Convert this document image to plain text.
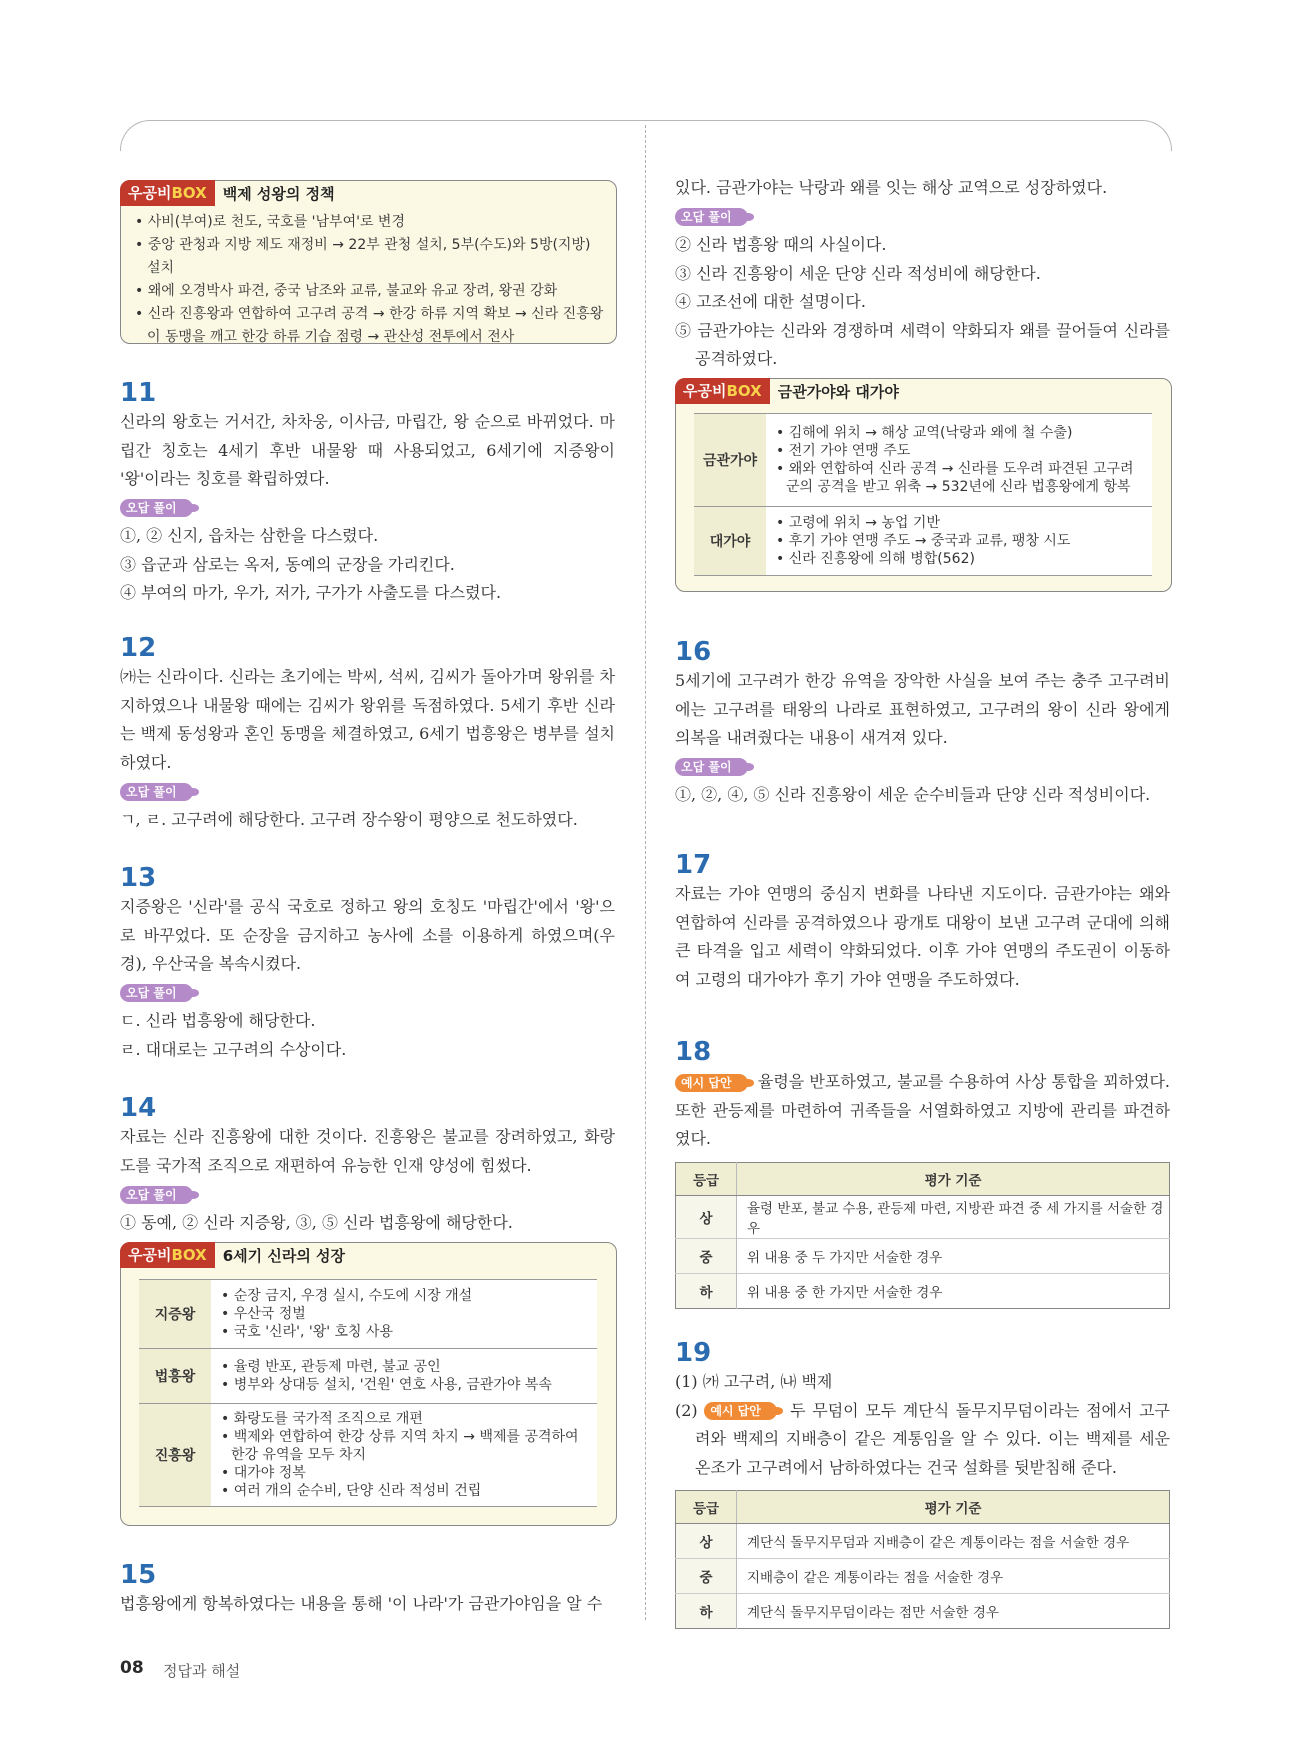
우공비BOX	백제 성왕의 정책
• 사비(부여)로 천도, 국호를 '남부여'로 변경
• 중앙 관청과 지방 제도 재정비 → 22부 관청 설치, 5부(수도)와 5방(지방) 설치
• 왜에 오경박사 파견, 중국 남조와 교류, 불교와 유교 장려, 왕권 강화
• 신라 진흥왕과 연합하여 고구려 공격 → 한강 하류 지역 확보 → 신라 진흥왕이 동맹을 깨고 한강 하류 기습 점령 → 관산성 전투에서 전사
11

신라의 왕호는 거서간, 차차웅, 이사금, 마립간, 왕 순으로 바뀌었다. 마립간 칭호는 4세기 후반 내물왕 때 사용되었고, 6세기에 지증왕이 '왕'이라는 칭호를 확립하였다.

오답 풀이

①, ② 신지, 읍차는 삼한을 다스렸다.

③ 읍군과 삼로는 옥저, 동예의 군장을 가리킨다.

④ 부여의 마가, 우가, 저가, 구가가 사출도를 다스렸다.

12

㈎는 신라이다. 신라는 초기에는 박씨, 석씨, 김씨가 돌아가며 왕위를 차지하였으나 내물왕 때에는 김씨가 왕위를 독점하였다. 5세기 후반 신라는 백제 동성왕과 혼인 동맹을 체결하였고, 6세기 법흥왕은 병부를 설치하였다.

오답 풀이

ㄱ, ㄹ. 고구려에 해당한다. 고구려 장수왕이 평양으로 천도하였다.

13

지증왕은 '신라'를 공식 국호로 정하고 왕의 호칭도 '마립간'에서 '왕'으로 바꾸었다. 또 순장을 금지하고 농사에 소를 이용하게 하였으며(우경), 우산국을 복속시켰다.

오답 풀이

ㄷ. 신라 법흥왕에 해당한다.

ㄹ. 대대로는 고구려의 수상이다.

14

자료는 신라 진흥왕에 대한 것이다. 진흥왕은 불교를 장려하였고, 화랑도를 국가적 조직으로 재편하여 유능한 인재 양성에 힘썼다.

오답 풀이

① 동예, ② 신라 지증왕, ③, ⑤ 신라 법흥왕에 해당한다.

우공비BOX	6세기 신라의 성장
지증왕	• 순장 금지, 우경 실시, 수도에 시장 개설
• 우산국 정벌
• 국호 '신라', '왕' 호칭 사용

법흥왕	• 율령 반포, 관등제 마련, 불교 공인
• 병부와 상대등 설치, '건원' 연호 사용, 금관가야 복속

진흥왕	• 화랑도를 국가적 조직으로 개편
• 백제와 연합하여 한강 상류 지역 차지 → 백제를 공격하여 한강 유역을 모두 차지
• 대가야 정복
• 여러 개의 순수비, 단양 신라 적성비 건립
15

법흥왕에게 항복하였다는 내용을 통해 '이 나라'가 금관가야임을 알 수

있다. 금관가야는 낙랑과 왜를 잇는 해상 교역으로 성장하였다.

오답 풀이

② 신라 법흥왕 때의 사실이다.

③ 신라 진흥왕이 세운 단양 신라 적성비에 해당한다.

④ 고조선에 대한 설명이다.

⑤ 금관가야는 신라와 경쟁하며 세력이 약화되자 왜를 끌어들여 신라를 공격하였다.

우공비BOX	금관가야와 대가야
금관가야	• 김해에 위치 → 해상 교역(낙랑과 왜에 철 수출)
• 전기 가야 연맹 주도
• 왜와 연합하여 신라 공격 → 신라를 도우려 파견된 고구려 군의 공격을 받고 위축 → 532년에 신라 법흥왕에게 항복

대가야	• 고령에 위치 → 농업 기반
• 후기 가야 연맹 주도 → 중국과 교류, 팽창 시도
• 신라 진흥왕에 의해 병합(562)
16

5세기에 고구려가 한강 유역을 장악한 사실을 보여 주는 충주 고구려비에는 고구려를 태왕의 나라로 표현하였고, 고구려의 왕이 신라 왕에게 의복을 내려줬다는 내용이 새겨져 있다.

오답 풀이

①, ②, ④, ⑤ 신라 진흥왕이 세운 순수비들과 단양 신라 적성비이다.

17

자료는 가야 연맹의 중심지 변화를 나타낸 지도이다. 금관가야는 왜와 연합하여 신라를 공격하였으나 광개토 대왕이 보낸 고구려 군대에 의해 큰 타격을 입고 세력이 약화되었다. 이후 가야 연맹의 주도권이 이동하여 고령의 대가야가 후기 가야 연맹을 주도하였다.

18

예시 답안 율령을 반포하였고, 불교를 수용하여 사상 통합을 꾀하였다. 또한 관등제를 마련하여 귀족들을 서열화하였고 지방에 관리를 파견하였다.

등급	평가 기준
상	율령 반포, 불교 수용, 관등제 마련, 지방관 파견 중 세 가지를 서술한 경우
중	위 내용 중 두 가지만 서술한 경우
하	위 내용 중 한 가지만 서술한 경우
19

(1) ㈎ 고구려, ㈏ 백제

(2) 예시 답안 두 무덤이 모두 계단식 돌무지무덤이라는 점에서 고구려와 백제의 지배층이 같은 계통임을 알 수 있다. 이는 백제를 세운 온조가 고구려에서 남하하였다는 건국 설화를 뒷받침해 준다.

등급	평가 기준
상	계단식 돌무지무덤과 지배층이 같은 계통이라는 점을 서술한 경우
중	지배층이 같은 계통이라는 점을 서술한 경우
하	계단식 돌무지무덤이라는 점만 서술한 경우
08 정답과 해설
